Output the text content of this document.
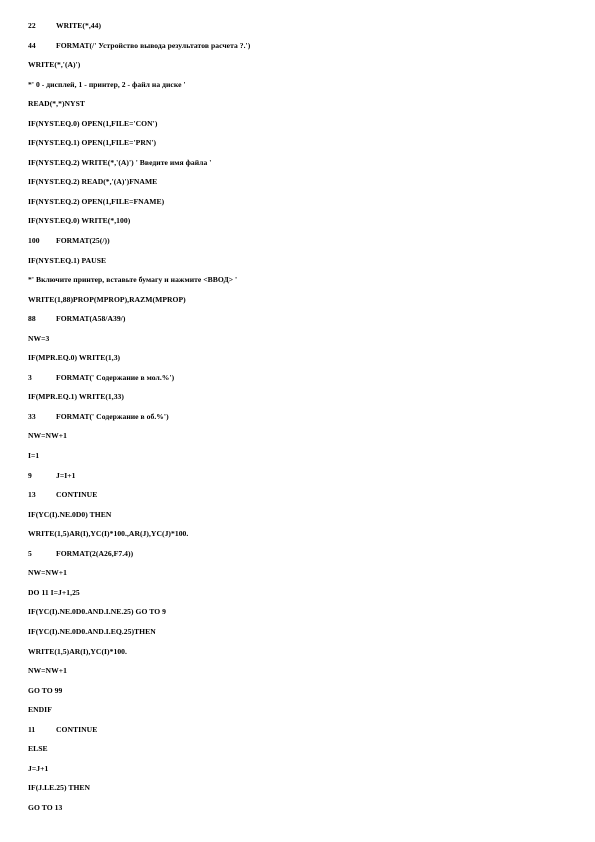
22	WRITE(*,44)
44	FORMAT(/' Устройство вывода результатов расчета ?.')
WRITE(*,'(A)')
*' 0 - дисплей, 1 - принтер, 2 - файл на диске '
READ(*,*)NYST
IF(NYST.EQ.0) OPEN(1,FILE='CON')
IF(NYST.EQ.1) OPEN(1,FILE='PRN')
IF(NYST.EQ.2) WRITE(*,'(A)') ' Введите имя файла '
IF(NYST.EQ.2) READ(*,'(A)')FNAME
IF(NYST.EQ.2) OPEN(1,FILE=FNAME)
IF(NYST.EQ.0) WRITE(*,100)
100	FORMAT(25(/))
IF(NYST.EQ.1) PAUSE
*' Включите принтер, вставьте бумагу и нажмите <ВВОД> '
WRITE(1,88)PROP(MPROP),RAZM(MPROP)
88	FORMAT(A58/A39/)
NW=3
IF(MPR.EQ.0) WRITE(1,3)
3	FORMAT(' Содержание в мол.%')
IF(MPR.EQ.1) WRITE(1,33)
33	FORMAT(' Содержание в об.%')
NW=NW+1
I=1
9	J=I+1
13	CONTINUE
IF(YC(I).NE.0D0) THEN
WRITE(1,5)AR(I),YC(I)*100.,AR(J),YC(J)*100.
5	FORMAT(2(A26,F7.4))
NW=NW+1
DO 11 I=J+1,25
IF(YC(I).NE.0D0.AND.I.NE.25) GO TO 9
IF(YC(I).NE.0D0.AND.I.EQ.25)THEN
WRITE(1,5)AR(I),YC(I)*100.
NW=NW+1
GO TO 99
ENDIF
11	CONTINUE
ELSE
J=J+1
IF(J.LE.25) THEN
GO TO 13
